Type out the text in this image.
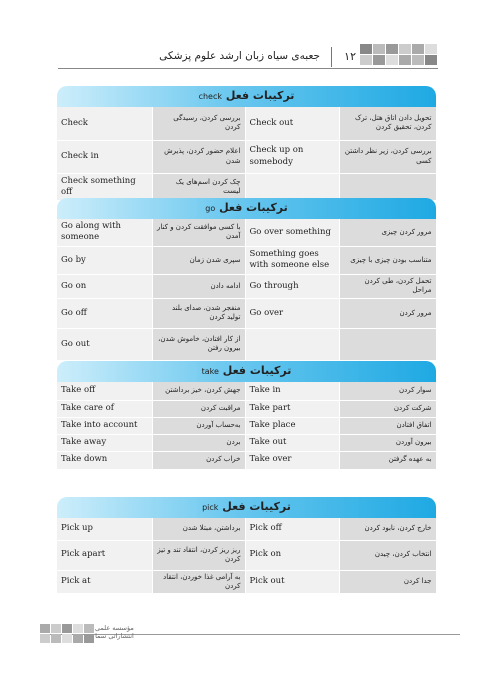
جعبه‌ی سیاه زبان ارشد علوم پزشکی ۱۲
ترکیبات فعل check
Check	بررسی کردن، رسیدگی کردن	Check out	تحویل دادن اتاق هتل، ترک کردن، تحقیق کردن
Check in	اعلام حضور کردن، پذیرش شدن	Check up on somebody	بررسی کردن، زیر نظر داشتن کسی
Check something off	چک کردن اسم‌های یک لیست		
ترکیبات فعل go
Go along with someone	با کسی موافقت کردن و کنار آمدن	Go over something	مرور کردن چیزی
Go by	سپری شدن زمان	Something goes with someone else	متناسب بودن چیزی با چیزی
Go on	ادامه دادن	Go through	تحمل کردن، طی کردن مراحل
Go off	منفجر شدن، صدای بلند تولید کردن	Go over	مرور کردن
Go out	از کار افتادن، خاموش شدن، بیرون رفتن		
ترکیبات فعل take
Take off	جهش کردن، خیز برداشتن	Take in	سوار کردن
Take care of	مراقبت کردن	Take part	شرکت کردن
Take into account	به‌حساب آوردن	Take place	اتفاق افتادن
Take away	بردن	Take out	بیرون آوردن
Take down	خراب کردن	Take over	به عهده گرفتن
ترکیبات فعل pick
Pick up	برداشتن، مبتلا شدن	Pick off	خارج کردن، نابود کردن
Pick apart	ریز ریز کردن، انتقاد تند و تیز کردن	Pick on	انتخاب کردن، چیدن
Pick at	به آرامی غذا خوردن، انتقاد کردن	Pick out	جدا کردن
مؤسسه علمی
انتشاراتی سما
